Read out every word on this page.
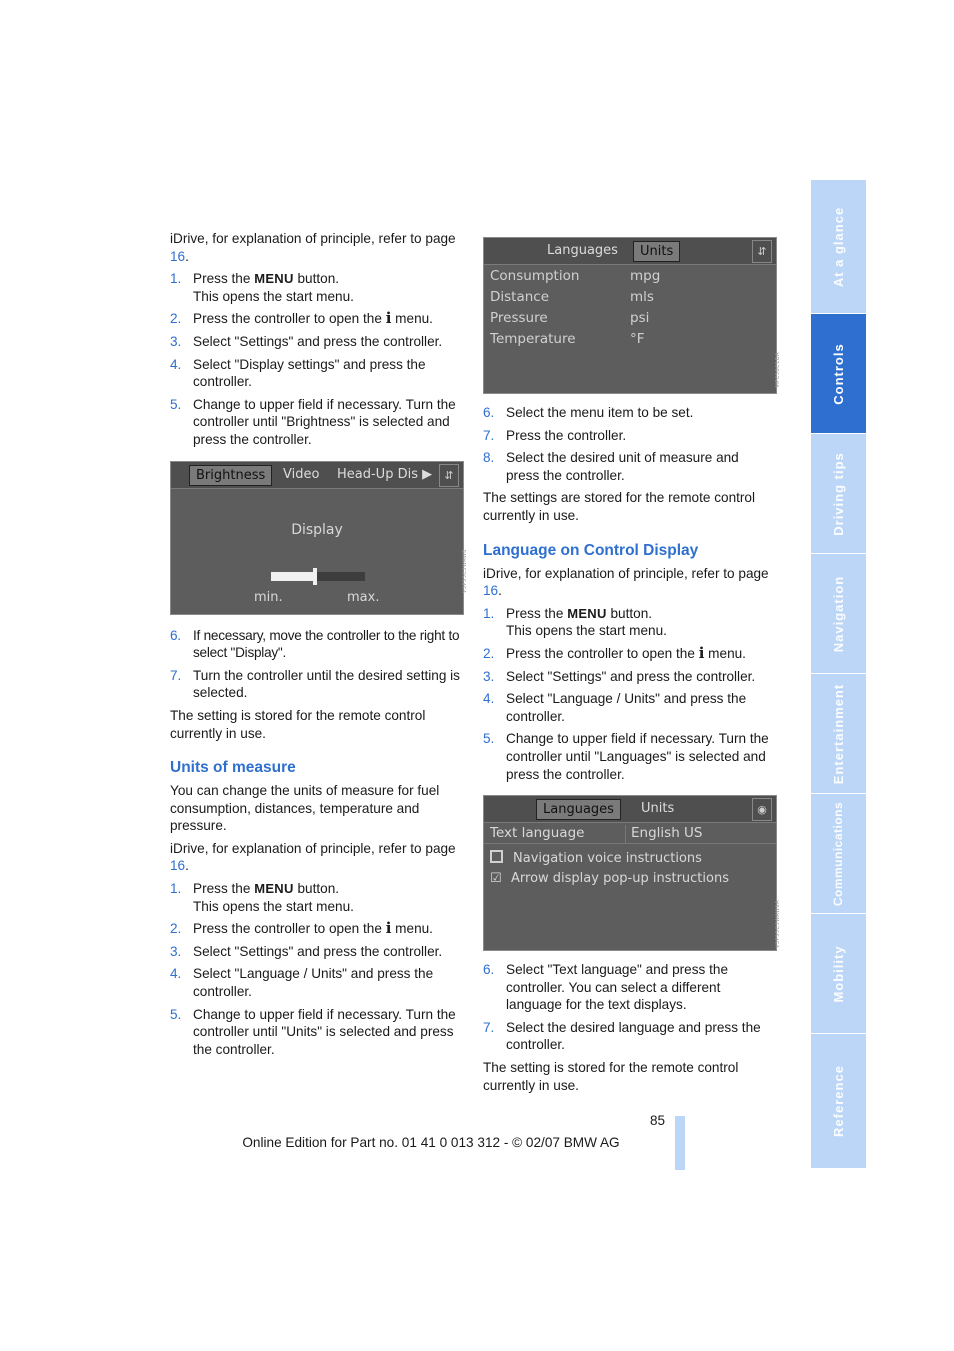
iDrive, for explanation of principle, refer to page 16.

1. Press the MENU button.
This opens the start menu.
2. Press the controller to open the i menu.
3. Select "Settings" and press the controller.
4. Select "Display settings" and press the controller.
5. Change to upper field if necessary. Turn the controller until "Brightness" is selected and press the controller.
Brightness	Video	Head-Up Dis ▶	⇵
Display
min.	max.
V3PS5C3WAW8
6. If necessary, move the controller to the right to select "Display".
7. Turn the controller until the desired setting is selected.

The setting is stored for the remote control currently in use.

Units of measure

You can change the units of measure for fuel consumption, distances, temperature and pressure.

iDrive, for explanation of principle, refer to page 16.

1. Press the MENU button.
This opens the start menu.
2. Press the controller to open the i menu.
3. Select "Settings" and press the controller.
4. Select "Language / Units" and press the controller.
5. Change to upper field if necessary. Turn the controller until "Units" is selected and press the controller.
Languages	Units	⇵
Consumption	mpg
Distance	mls
Pressure	psi
Temperature	°F
MPC58C1DA
6. Select the menu item to be set.
7. Press the controller.
8. Select the desired unit of measure and press the controller.

The settings are stored for the remote control currently in use.

Language on Control Display

iDrive, for explanation of principle, refer to page 16.

1. Press the MENU button.
This opens the start menu.
2. Press the controller to open the i menu.
3. Select "Settings" and press the controller.
4. Select "Language / Units" and press the controller.
5. Change to upper field if necessary. Turn the controller until "Languages" is selected and press the controller.
Languages	Units	◉
Text language	English US
Navigation voice instructions
☑ Arrow display pop-up instructions
V3PS5C3WAW6A
6. Select "Text language" and press the controller. You can select a different language for the text displays.
7. Select the desired language and press the controller.

The setting is stored for the remote control currently in use.

85
Online Edition for Part no. 01 41 0 013 312 - © 02/07 BMW AG
At a glance
Controls
Driving tips
Navigation
Entertainment
Communications
Mobility
Reference
